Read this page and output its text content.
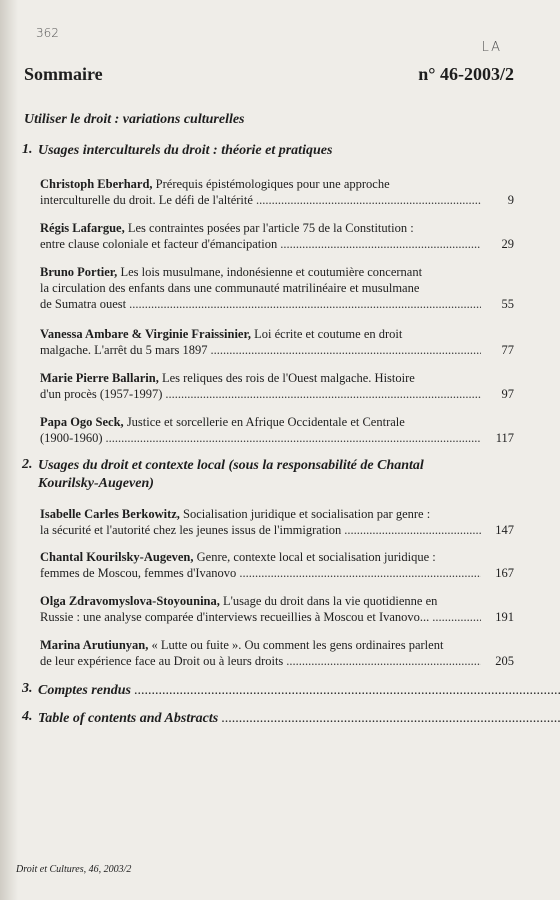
362
LA
Sommaire	n° 46-2003/2
Utiliser le droit : variations culturelles
1. Usages interculturels du droit : théorie et pratiques
Christoph Eberhard, Prérequis épistémologiques pour une approche
interculturelle du droit. Le défi de l'altérité .....	9
Régis Lafargue, Les contraintes posées par l'article 75 de la Constitution :
entre clause coloniale et facteur d'émancipation .....	29
Bruno Portier, Les lois musulmane, indonésienne et coutumière concernant
la circulation des enfants dans une communauté matrilinéaire et musulmane
de Sumatra ouest .....	55
Vanessa Ambare & Virginie Fraissinier, Loi écrite et coutume en droit
malgache. L'arrêt du 5 mars 1897 .....	77
Marie Pierre Ballarin, Les reliques des rois de l'Ouest malgache. Histoire
d'un procès (1957-1997) .....	97
Papa Ogo Seck, Justice et sorcellerie en Afrique Occidentale et Centrale
(1900-1960) .....	117
2. Usages du droit et contexte local (sous la responsabilité de Chantal
Kourilsky-Augeven)
Isabelle Carles Berkowitz, Socialisation juridique et socialisation par genre :
la sécurité et l'autorité chez les jeunes issus de l'immigration .....	147
Chantal Kourilsky-Augeven, Genre, contexte local et socialisation juridique :
femmes de Moscou, femmes d'Ivanovo .....	167
Olga Zdravomyslova-Stoyounina, L'usage du droit dans la vie quotidienne en
Russie : une analyse comparée d'interviews recueillies à Moscou et Ivanovo... .....	191
Marina Arutiunyan, « Lutte ou fuite ». Ou comment les gens ordinaires parlent
de leur expérience face au Droit ou à leurs droits .....	205
3. Comptes rendus
.....
4. Table of contents and Abstracts
.....
Droit et Cultures, 46, 2003/2
